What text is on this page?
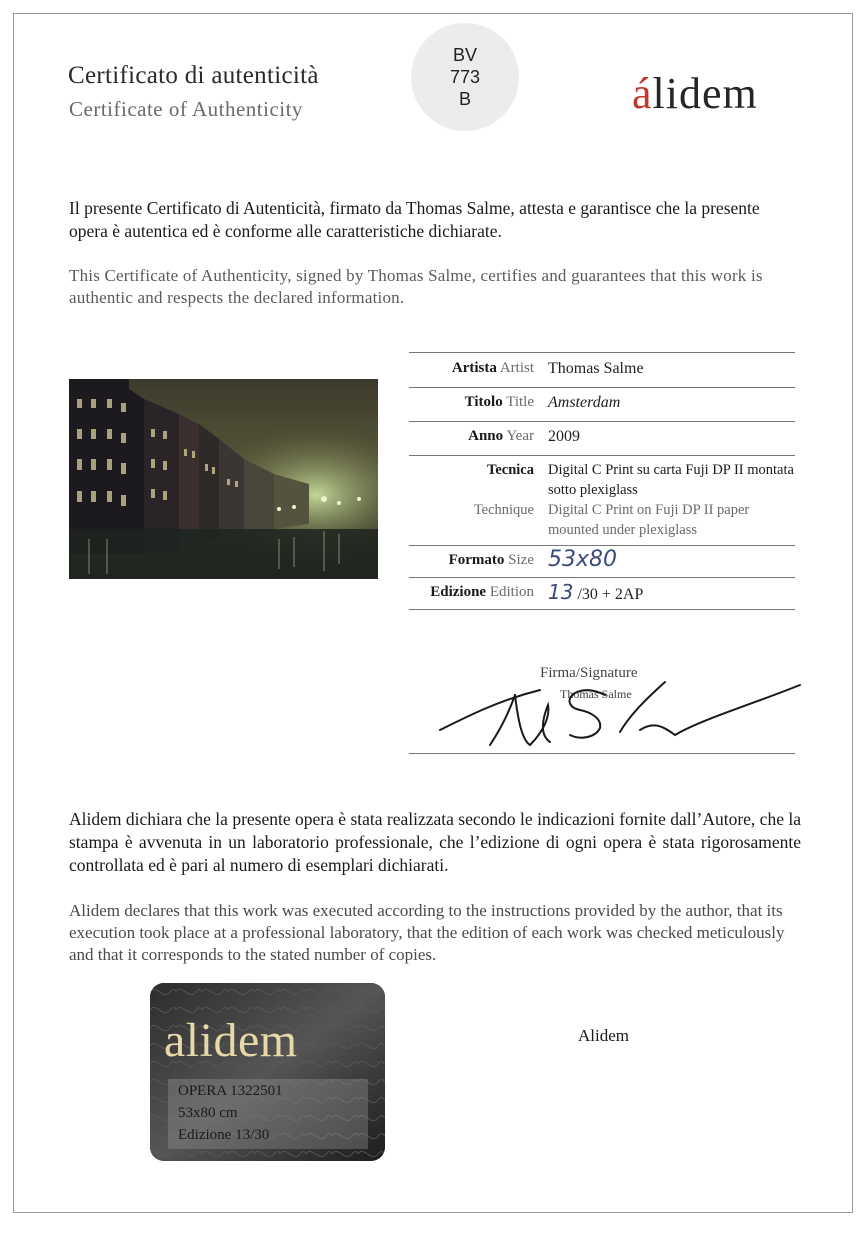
Certificato di autenticità
Certificate of Authenticity
BV
773
B	álidem
Il presente Certificato di Autenticità, firmato da Thomas Salme, attesta e garantisce che la presente opera è autentica ed è conforme alle caratteristiche dichiarate.
This Certificate of Authenticity, signed by Thomas Salme, certifies and guarantees that this work is authentic and respects the declared information.
Artista Artist Thomas Salme
Titolo Title Amsterdam
Anno Year 2009
Tecnica
Technique
Digital C Print su carta Fuji DP II montata sotto plexiglass
Digital C Print on Fuji DP II paper mounted under plexiglass
Formato Size 53x80
Edizione Edition 13 /30 + 2AP
Firma/Signature
Thomas Salme
Alidem dichiara che la presente opera è stata realizzata secondo le indicazioni fornite dall’Autore, che la stampa è avvenuta in un laboratorio professionale, che l’edizione di ogni opera è stata rigorosamente controllata ed è pari al numero di esemplari dichiarati.
Alidem declares that this work was executed according to the instructions provided by the author, that its execution took place at a professional laboratory, that the edition of each work was checked meticulously and that it corresponds to the stated number of copies.
alidem
OPERA 1322501
53x80 cm
Edizione 13/30
Alidem
